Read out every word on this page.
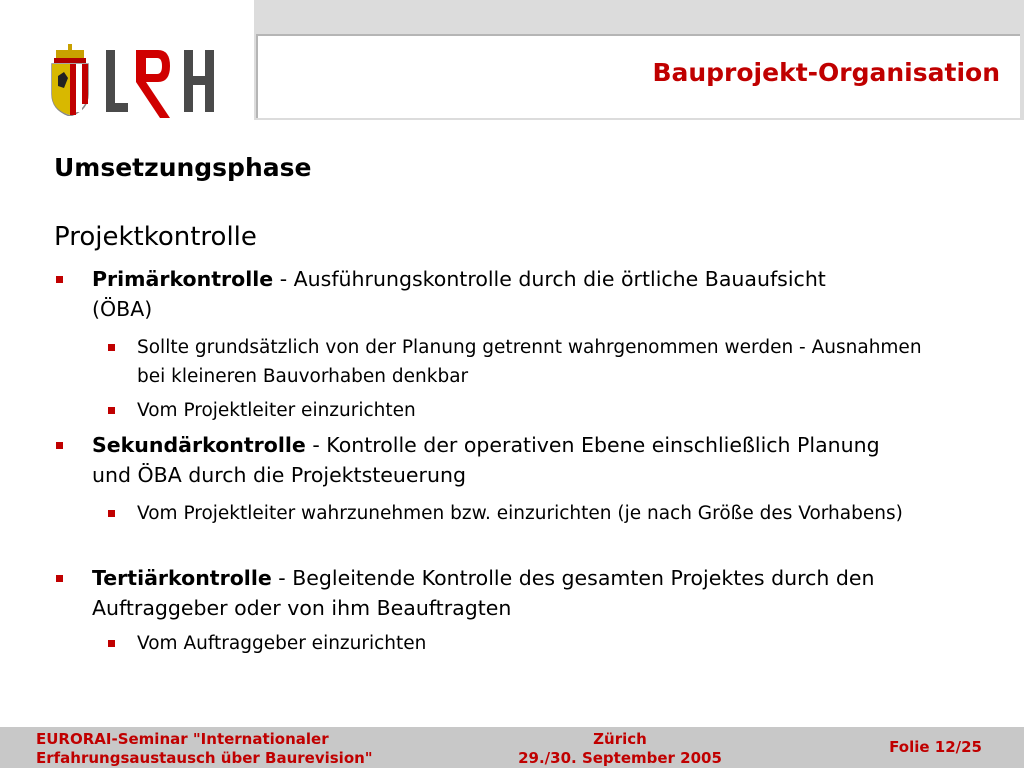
Bauprojekt-Organisation
Umsetzungsphase
Projektkontrolle
Primärkontrolle - Ausführungskontrolle durch die örtliche Bauaufsicht (ÖBA)
Sollte grundsätzlich von der Planung getrennt wahrgenommen werden - Ausnahmen bei kleineren Bauvorhaben denkbar
Vom Projektleiter einzurichten
Sekundärkontrolle - Kontrolle der operativen Ebene einschließlich Planung und ÖBA durch die Projektsteuerung
Vom Projektleiter wahrzunehmen bzw. einzurichten (je nach Größe des Vorhabens)
Tertiärkontrolle - Begleitende Kontrolle des gesamten Projektes durch den Auftraggeber oder von ihm Beauftragten
Vom Auftraggeber einzurichten
EURORAI-Seminar "Internationaler
Erfahrungsaustausch über Baurevision"
Zürich
29./30. September 2005
Folie 12/25
